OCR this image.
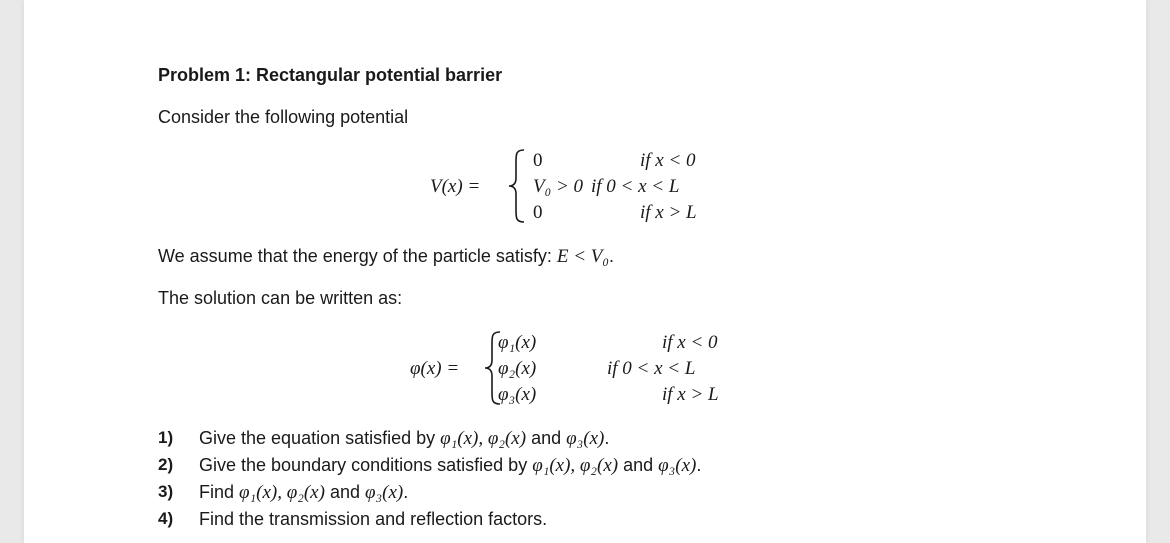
Problem 1: Rectangular potential barrier
Consider the following potential
V(x) =
0
V₀ > 0
0
if x < 0
if 0 < x < L
if x > L
We assume that the energy of the particle satisfy: E < V₀.
The solution can be written as:
φ(x) =
φ₁(x)
φ₂(x)
φ₃(x)
if x < 0
if 0 < x < L
if x > L
1) Give the equation satisfied by φ₁(x), φ₂(x) and φ₃(x).
2) Give the boundary conditions satisfied by φ₁(x), φ₂(x) and φ₃(x).
3) Find φ₁(x), φ₂(x) and φ₃(x).
4) Find the transmission and reflection factors.
